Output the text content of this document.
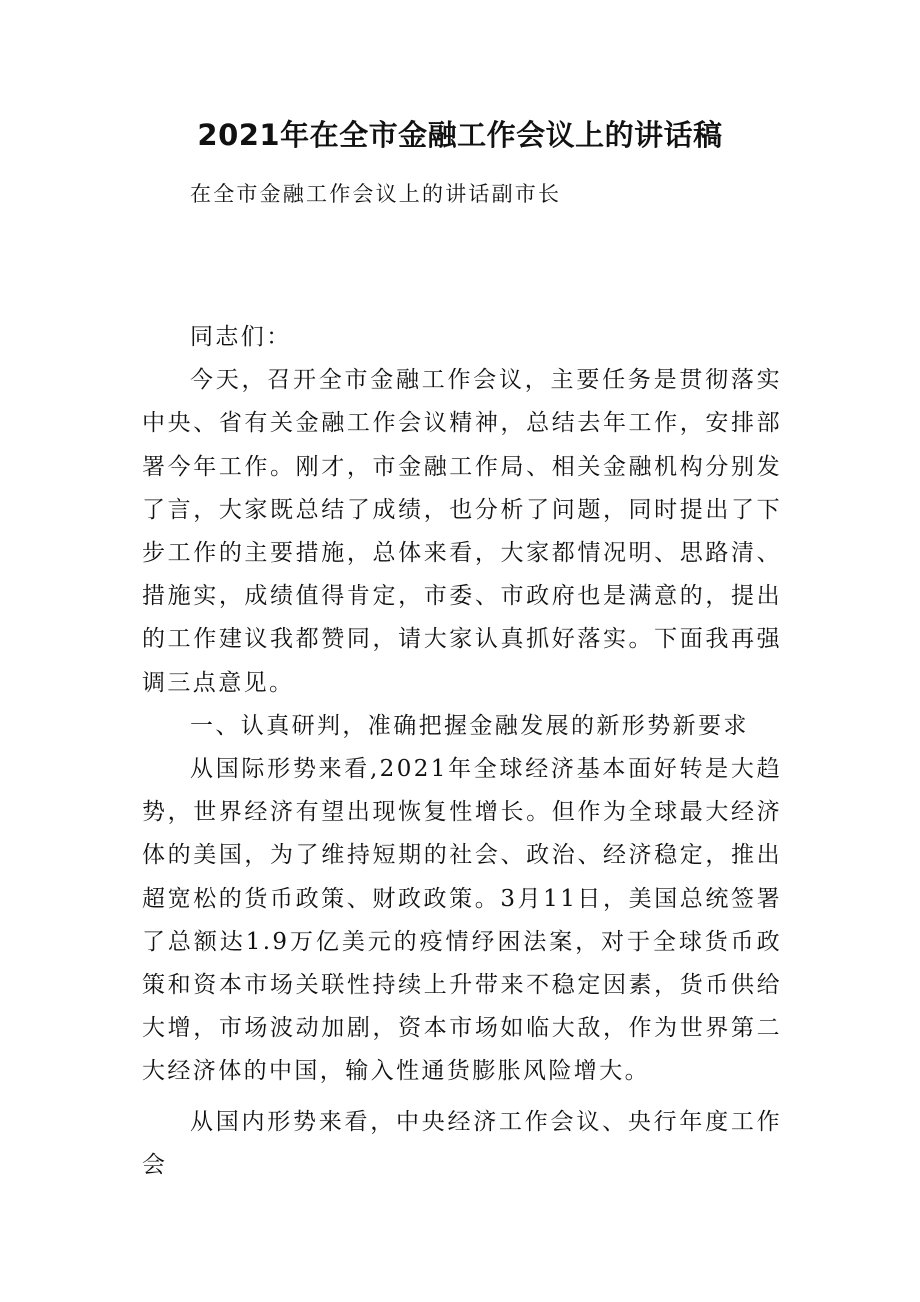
2021年在全市金融工作会议上的讲话稿

在全市金融工作会议上的讲话副市长

同志们：

今天，召开全市金融工作会议，主要任务是贯彻落实中央、省有关金融工作会议精神，总结去年工作，安排部署今年工作。刚才，市金融工作局、相关金融机构分别发了言，大家既总结了成绩，也分析了问题，同时提出了下步工作的主要措施，总体来看，大家都情况明、思路清、措施实，成绩值得肯定，市委、市政府也是满意的，提出的工作建议我都赞同，请大家认真抓好落实。下面我再强调三点意见。

一、认真研判，准确把握金融发展的新形势新要求

从国际形势来看,2021年全球经济基本面好转是大趋势，世界经济有望出现恢复性增长。但作为全球最大经济体的美国，为了维持短期的社会、政治、经济稳定，推出超宽松的货币政策、财政政策。3月11日，美国总统签署了总额达1.9万亿美元的疫情纾困法案，对于全球货币政策和资本市场关联性持续上升带来不稳定因素，货币供给大增，市场波动加剧，资本市场如临大敌，作为世界第二大经济体的中国，输入性通货膨胀风险增大。

从国内形势来看，中央经济工作会议、央行年度工作会
